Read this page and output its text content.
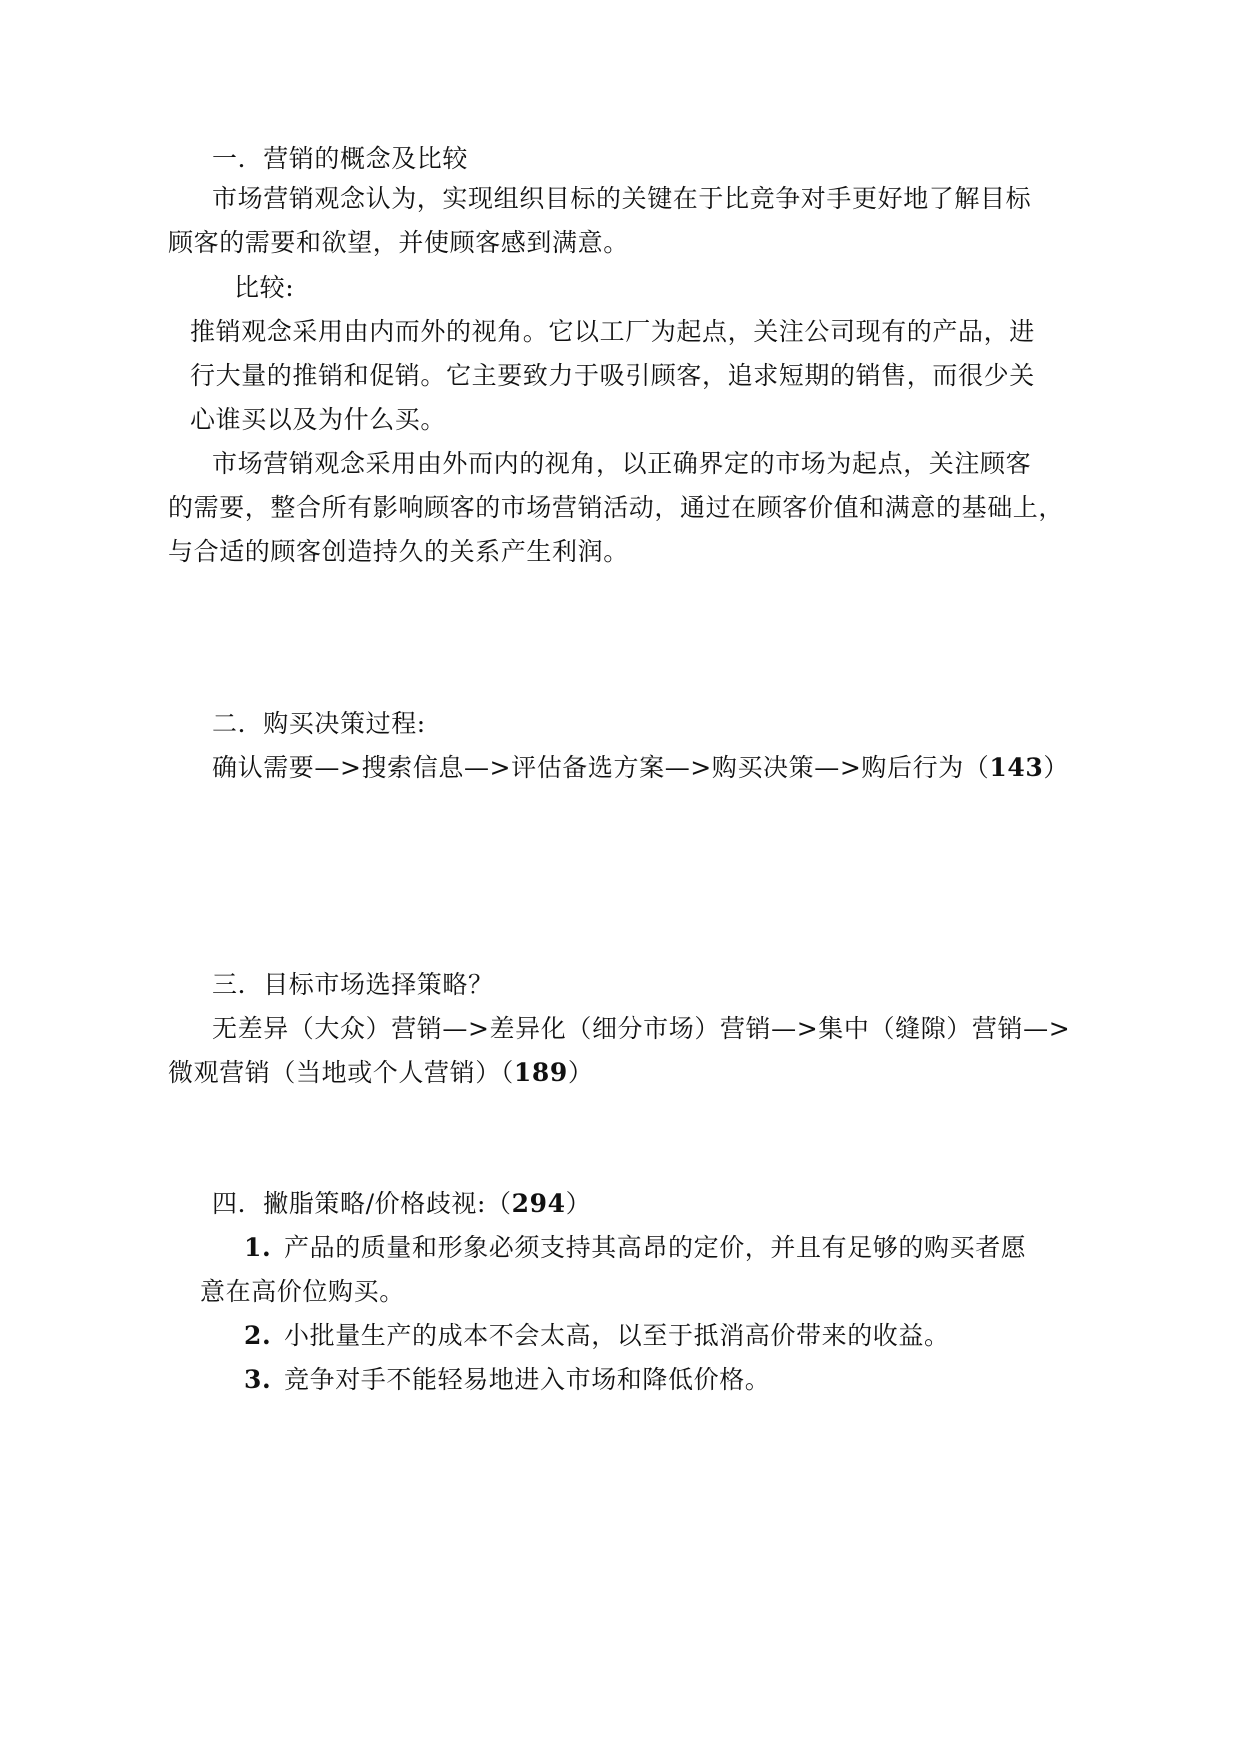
一．营销的概念及比较
市场营销观念认为，实现组织目标的关键在于比竞争对手更好地了解目标
顾客的需要和欲望，并使顾客感到满意。
比较:
推销观念采用由内而外的视角。它以工厂为起点，关注公司现有的产品，进
行大量的推销和促销。它主要致力于吸引顾客，追求短期的销售，而很少关
心谁买以及为什么买。
市场营销观念采用由外而内的视角，以正确界定的市场为起点，关注顾客
的需要，整合所有影响顾客的市场营销活动，通过在顾客价值和满意的基础上，
与合适的顾客创造持久的关系产生利润。
二．购买决策过程:
确认需要—>搜索信息—>评估备选方案—>购买决策—>购后行为（143）
三．目标市场选择策略？
无差异（大众）营销—>差异化（细分市场）营销—>集中（缝隙）营销—>
微观营销（当地或个人营销）（189）
四．撇脂策略/价格歧视:（294）
1. 产品的质量和形象必须支持其高昂的定价，并且有足够的购买者愿
意在高价位购买。
2. 小批量生产的成本不会太高，以至于抵消高价带来的收益。
3. 竞争对手不能轻易地进入市场和降低价格。
